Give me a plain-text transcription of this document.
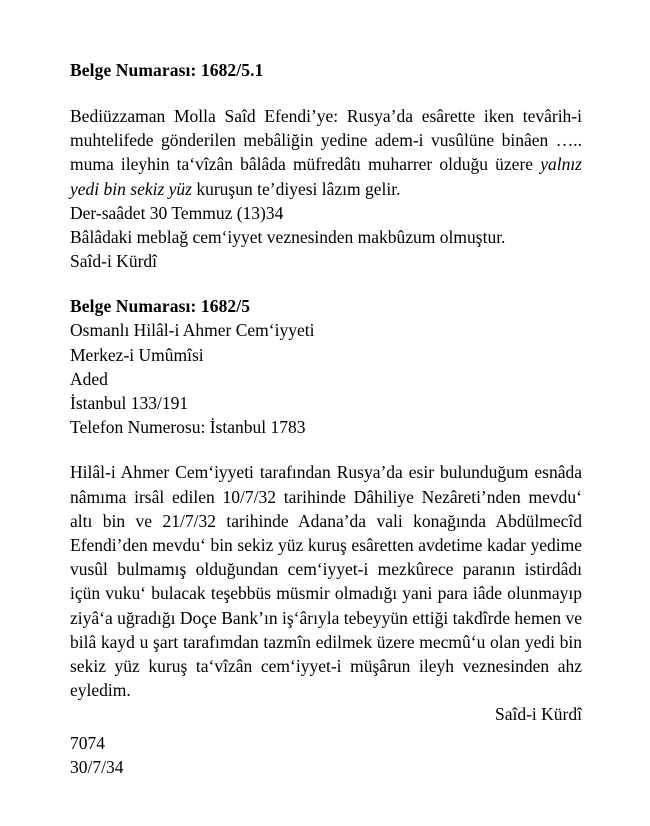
Belge Numarası: 1682/5.1

Bediüzzaman Molla Saîd Efendi’ye: Rusya’da esârette iken tevârih-i muhtelifede gönderilen mebâliğin yedine adem-i vusûlüne binâen ….. muma ileyhin ta‘vîzân bâlâda müfredâtı muharrer olduğu üzere yalnız yedi bin sekiz yüz kuruşun te’diyesi lâzım gelir.

Der-saâdet 30 Temmuz (13)34
Bâlâdaki meblağ cem‘iyyet veznesinden makbûzum olmuştur.
Saîd-i Kürdî
Belge Numarası: 1682/5
Osmanlı Hilâl-i Ahmer Cem‘iyyeti
Merkez-i Umûmîsi
Aded
İstanbul 133/191
Telefon Numerosu: İstanbul 1783

Hilâl-i Ahmer Cem‘iyyeti tarafından Rusya’da esir bulunduğum esnâda nâmıma irsâl edilen 10/7/32 tarihinde Dâhiliye Nezâreti’nden mevdu‘ altı bin ve 21/7/32 tarihinde Adana’da vali konağında Abdülmecîd Efendi’den mevdu‘ bin sekiz yüz kuruş esâretten avdetime kadar yedime vusûl bulmamış olduğundan cem‘iyyet-i mezkûrece paranın istirdâdı içün vuku‘ bulacak teşebbüs müsmir olmadığı yani para iâde olunmayıp ziyâ‘a uğradığı Doçe Bank’ın iş‘ârıyla tebeyyün ettiği takdîrde hemen ve bilâ kayd u şart tarafımdan tazmîn edilmek üzere mecmû‘u olan yedi bin sekiz yüz kuruş ta‘vîzân cem‘iyyet-i müşârun ileyh veznesinden ahz eyledim.

Saîd-i Kürdî

7074
30/7/34
